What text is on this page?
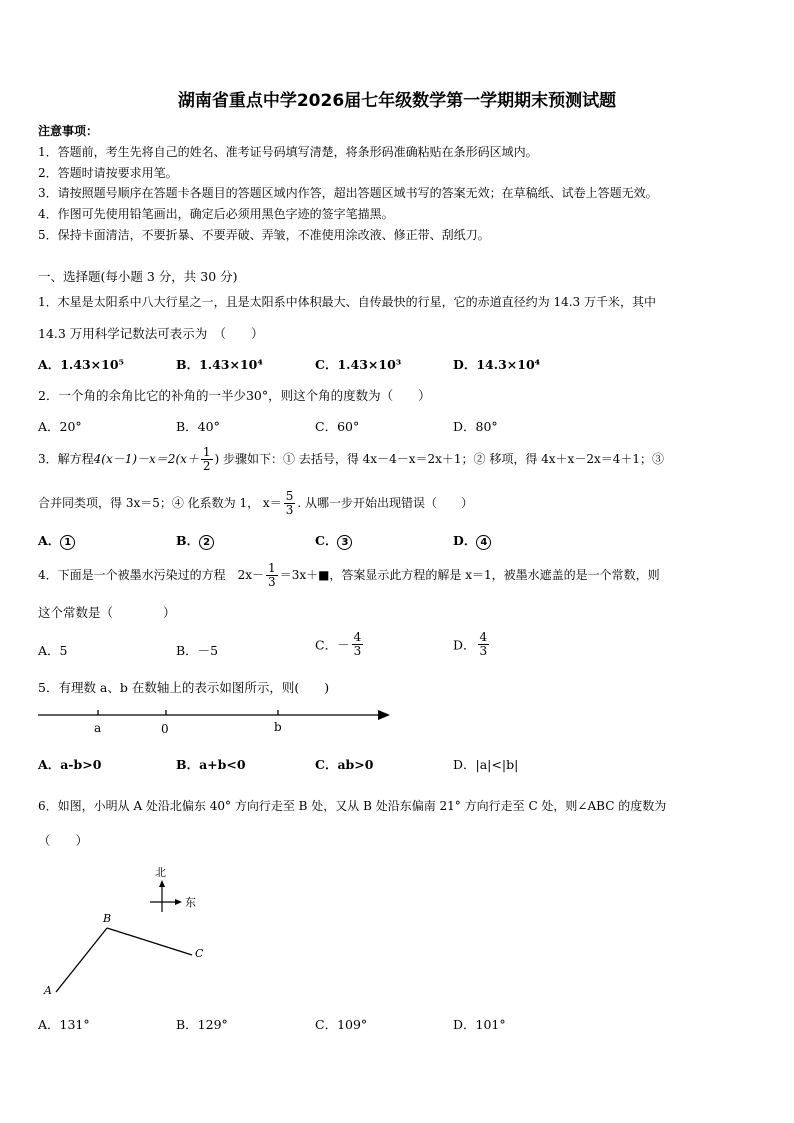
湖南省重点中学2026届七年级数学第一学期期末预测试题
注意事项：
1．答题前，考生先将自己的姓名、准考证号码填写清楚，将条形码准确粘贴在条形码区域内。
2．答题时请按要求用笔。
3．请按照题号顺序在答题卡各题目的答题区域内作答，超出答题区域书写的答案无效；在草稿纸、试卷上答题无效。
4．作图可先使用铅笔画出，确定后必须用黑色字迹的签字笔描黑。
5．保持卡面清洁，不要折暴、不要弄破、弄皱，不准使用涂改液、修正带、刮纸刀。
一、选择题(每小题 3 分，共 30 分)
1．木星是太阳系中八大行星之一，且是太阳系中体积最大、自传最快的行星，它的赤道直径约为 14.3 万千米，其中
14.3 万用科学记数法可表示为　（　　）
A．1.43×10⁵	B．1.43×10⁴	C．1.43×10³	D．14.3×10⁴
2．一个角的余角比它的补角的一半少30°，则这个角的度数为（　　）
A．20°	B．40°	C．60°	D．80°
3．解方程$4(x-1)-x=2(x+ \frac{1}{2}$ ) 步骤如下：① 去括号，得 4x－4－x＝2x＋1；② 移项，得 4x＋x－2x＝4＋1；③
合并同类项，得 3x＝5；④ 化系数为 1， $x= \frac{5}{3}$ . 从哪一步开始出现错误（　　）
A． 1	B． 2	C． 3	D． 4
4．下面是一个被墨水污染过的方程　$2x- \frac{1}{3}$ ＝3x＋■，答案显示此方程的解是 x＝1，被墨水遮盖的是一个常数，则
这个常数是（　　　　）
A．5	B．－5	C．－ $\frac{4}{3}$	D． $\frac{4}{3}$
5．有理数 a、b 在数轴上的表示如图所示，则(　　)
a	0	b
A．a-b>0	B．a+b<0	C．ab>0	D．|a|<|b|
6．如图，小明从 A 处沿北偏东 40° 方向行走至 B 处，又从 B 处沿东偏南 21° 方向行走至 C 处，则∠ABC 的度数为
（　　）
北
东
A
B
C
A．131°	B．129°	C．109°	D．101°
